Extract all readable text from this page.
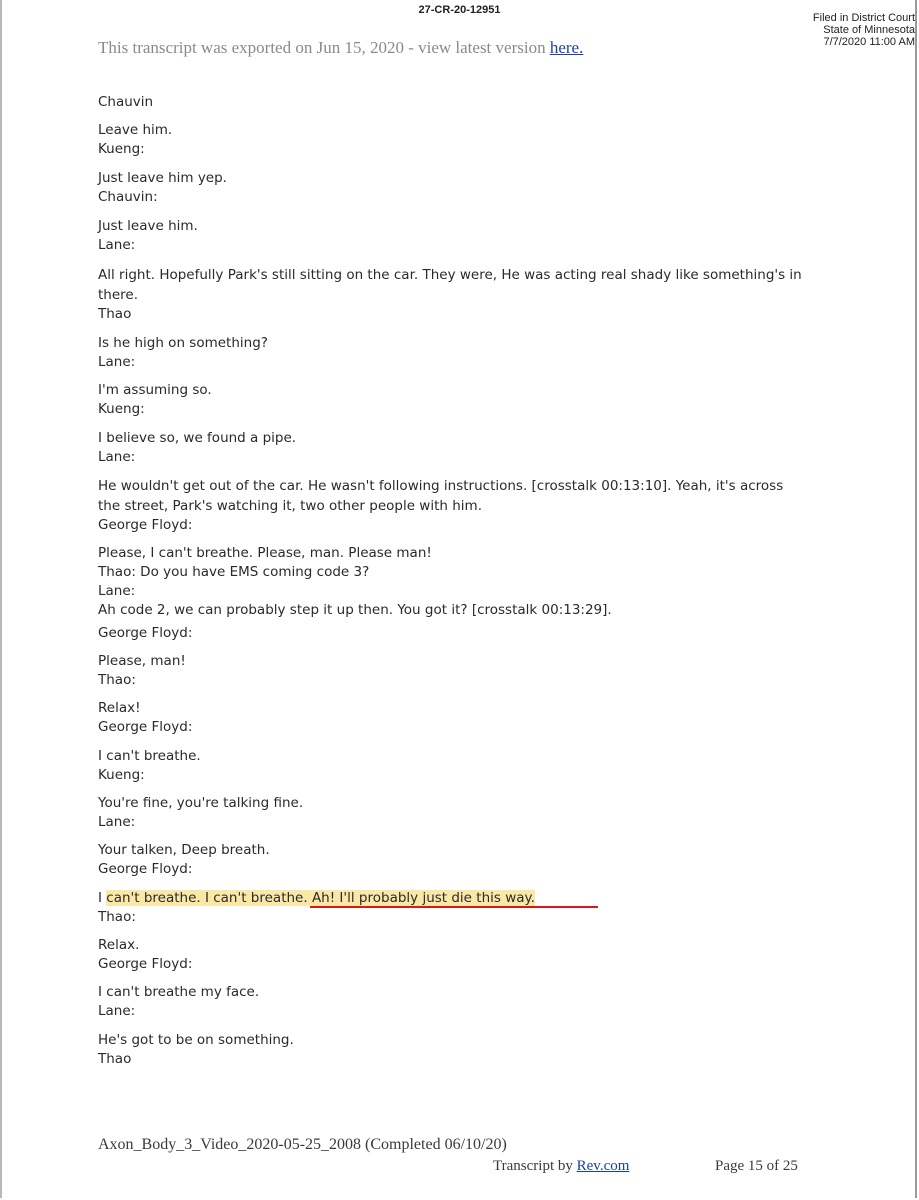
27-CR-20-12951
Filed in District Court
State of Minnesota
7/7/2020 11:00 AM
This transcript was exported on Jun 15, 2020 - view latest version here.
Chauvin
Leave him.
Kueng:
Just leave him yep.
Chauvin:
Just leave him.
Lane:
All right. Hopefully Park's still sitting on the car. They were, He was acting real shady like something's in
there.
Thao
Is he high on something?
Lane:
I'm assuming so.
Kueng:
I believe so, we found a pipe.
Lane:
He wouldn't get out of the car. He wasn't following instructions. [crosstalk 00:13:10]. Yeah, it's across
the street, Park's watching it, two other people with him.
George Floyd:
Please, I can't breathe. Please, man. Please man!
Thao: Do you have EMS coming code 3?
Lane:
Ah code 2, we can probably step it up then. You got it? [crosstalk 00:13:29].
George Floyd:
Please, man!
Thao:
Relax!
George Floyd:
I can't breathe.
Kueng:
You're fine, you're talking fine.
Lane:
Your talken, Deep breath.
George Floyd:
I can't breathe. I can't breathe. Ah! I'll probably just die this way.
Thao:
Relax.
George Floyd:
I can't breathe my face.
Lane:
He's got to be on something.
Thao
Axon_Body_3_Video_2020-05-25_2008 (Completed 06/10/20)
Transcript by Rev.com	Page 15 of 25
